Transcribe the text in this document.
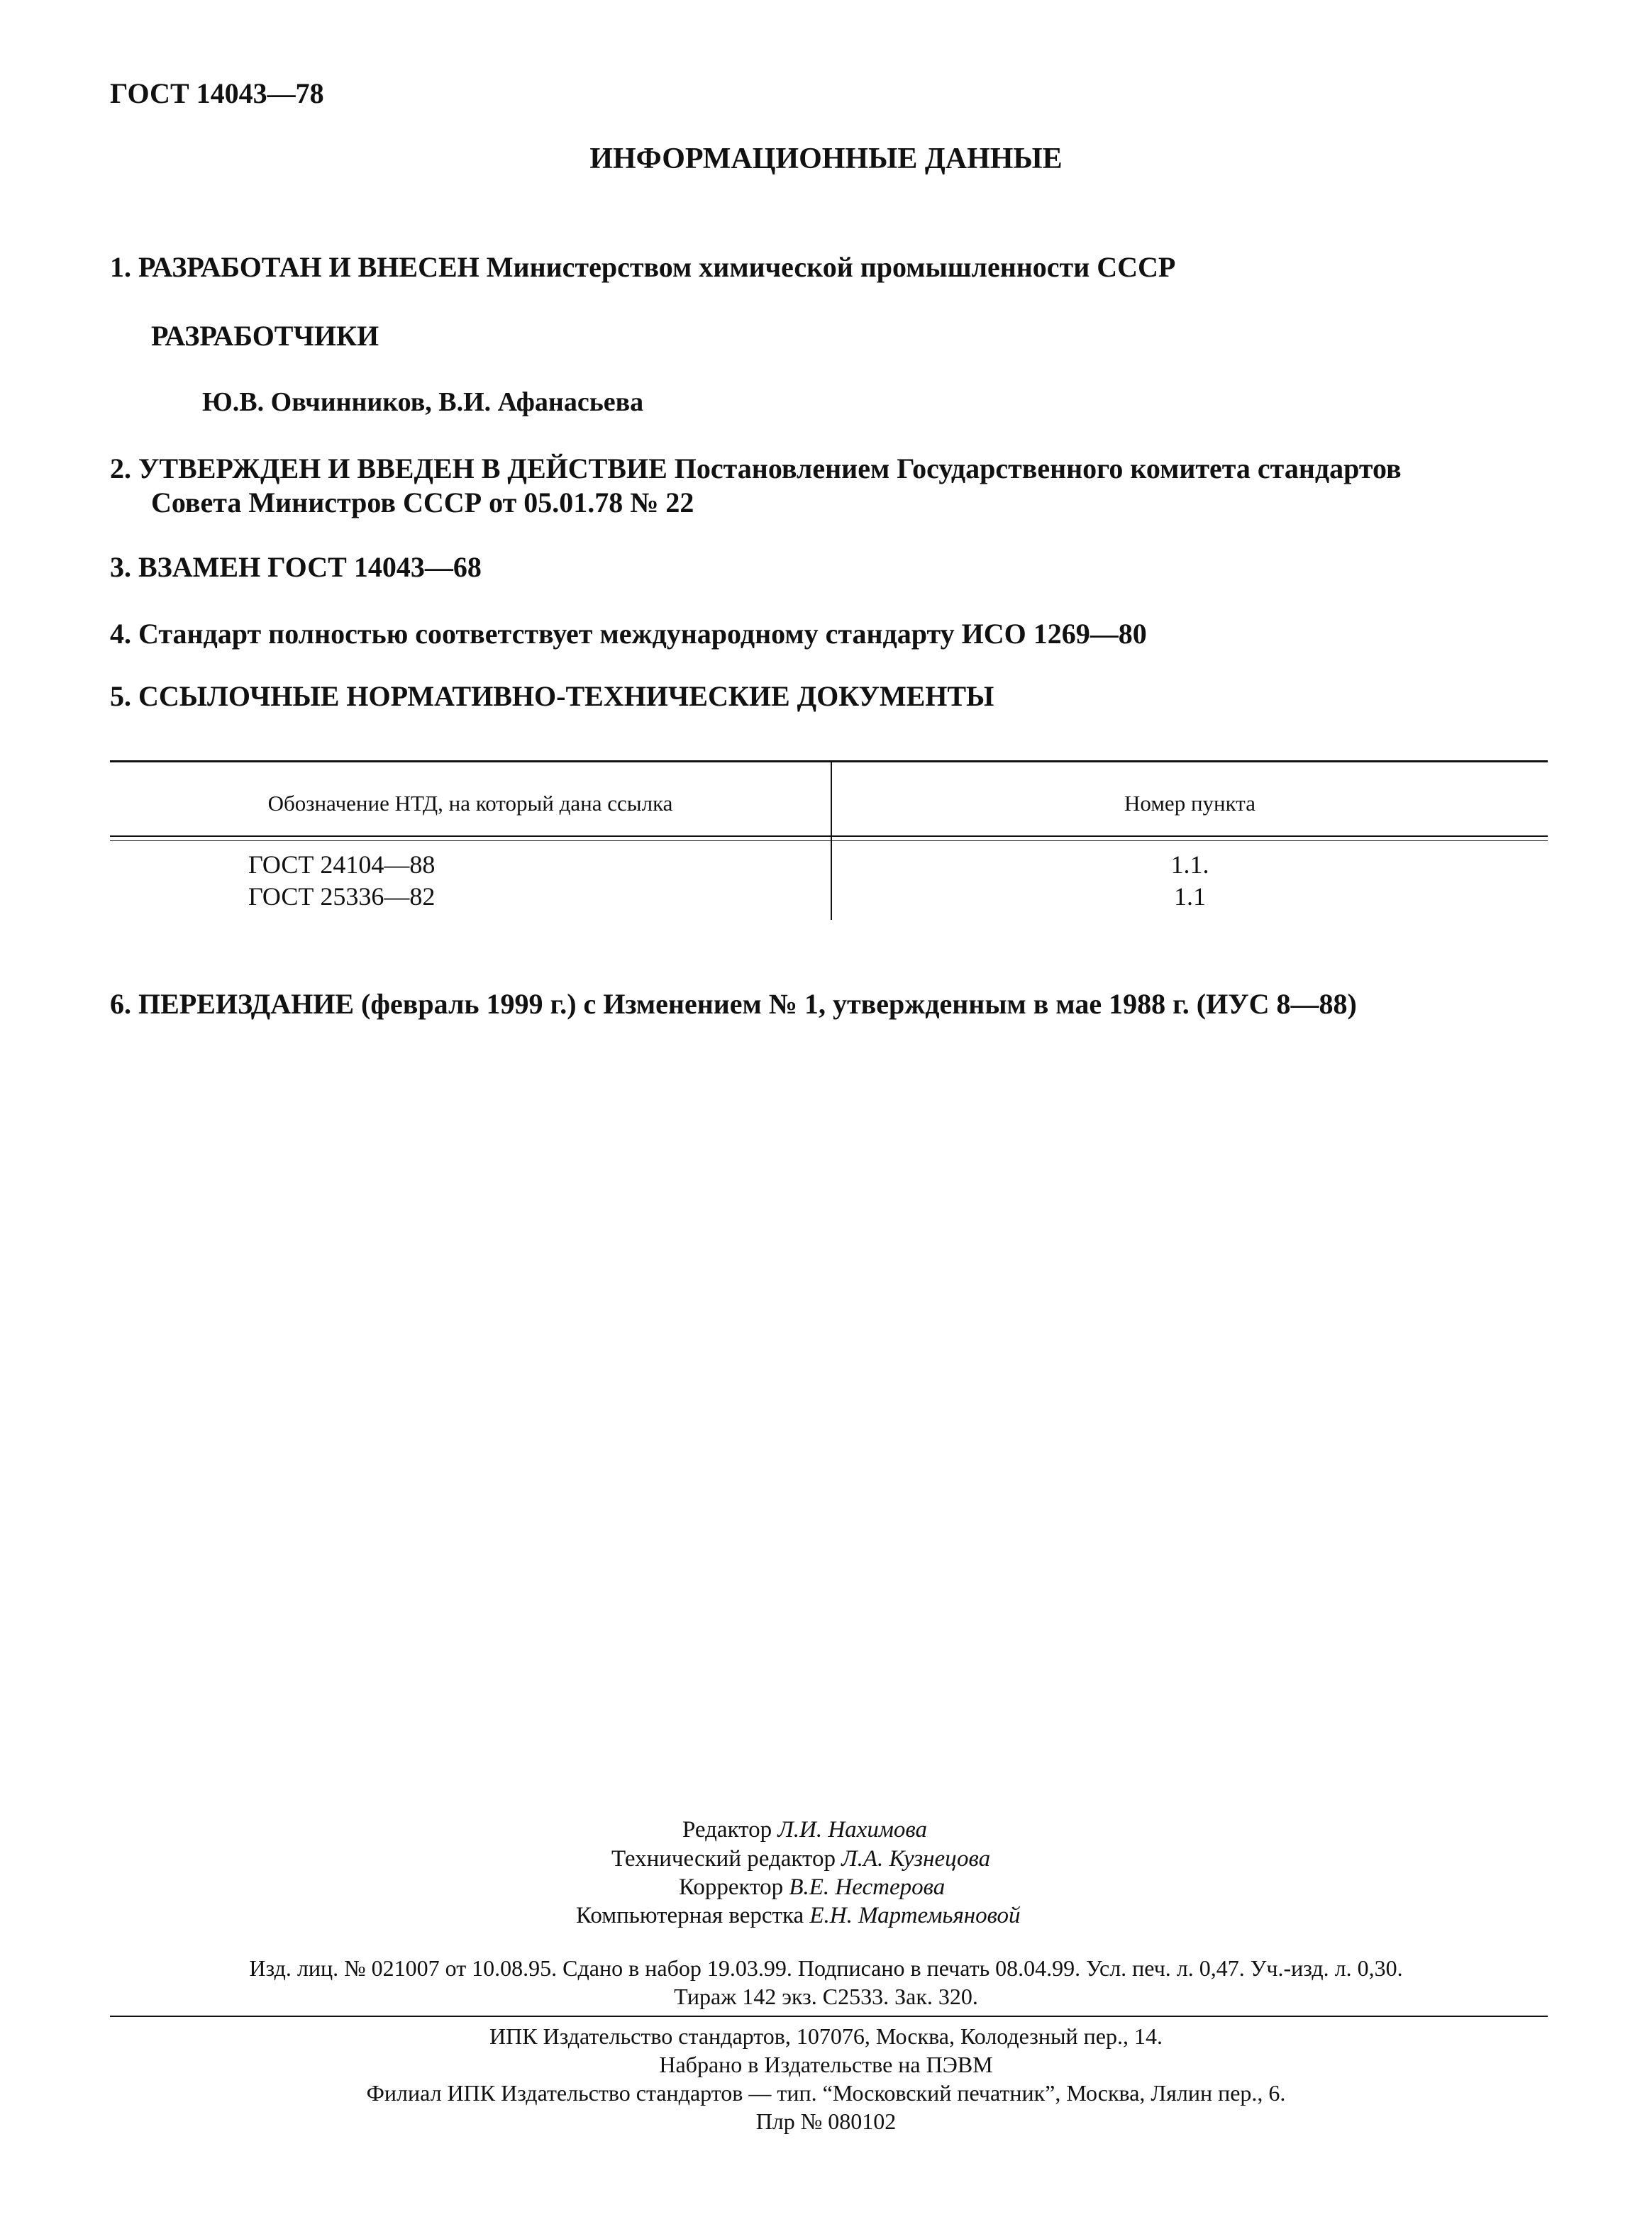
ГОСТ 14043—78
ИНФОРМАЦИОННЫЕ ДАННЫЕ
1. РАЗРАБОТАН И ВНЕСЕН Министерством химической промышленности СССР
РАЗРАБОТЧИКИ
Ю.В. Овчинников, В.И. Афанасьева
2. УТВЕРЖДЕН И ВВЕДЕН В ДЕЙСТВИЕ Постановлением Государственного комитета стандартов
Совета Министров СССР от 05.01.78 № 22
3. ВЗАМЕН ГОСТ 14043—68
4. Стандарт полностью соответствует международному стандарту ИСО 1269—80
5. ССЫЛОЧНЫЕ НОРМАТИВНО-ТЕХНИЧЕСКИЕ ДОКУМЕНТЫ
Обозначение НТД, на который дана ссылка	Номер пункта
ГОСТ 24104—88	1.1.
ГОСТ 25336—82	1.1
6. ПЕРЕИЗДАНИЕ (февраль 1999 г.) с Изменением № 1, утвержденным в мае 1988 г. (ИУС 8—88)
Редактор Л.И. Нахимова
Технический редактор Л.А. Кузнецова
Корректор В.Е. Нестерова
Компьютерная верстка Е.Н. Мартемьяновой
Изд. лиц. № 021007 от 10.08.95. Сдано в набор 19.03.99. Подписано в печать 08.04.99. Усл. печ. л. 0,47. Уч.-изд. л. 0,30.
Тираж 142 экз. С2533. Зак. 320.
ИПК Издательство стандартов, 107076, Москва, Колодезный пер., 14.
Набрано в Издательстве на ПЭВМ
Филиал ИПК Издательство стандартов — тип. “Московский печатник”, Москва, Лялин пер., 6.
Плр № 080102
